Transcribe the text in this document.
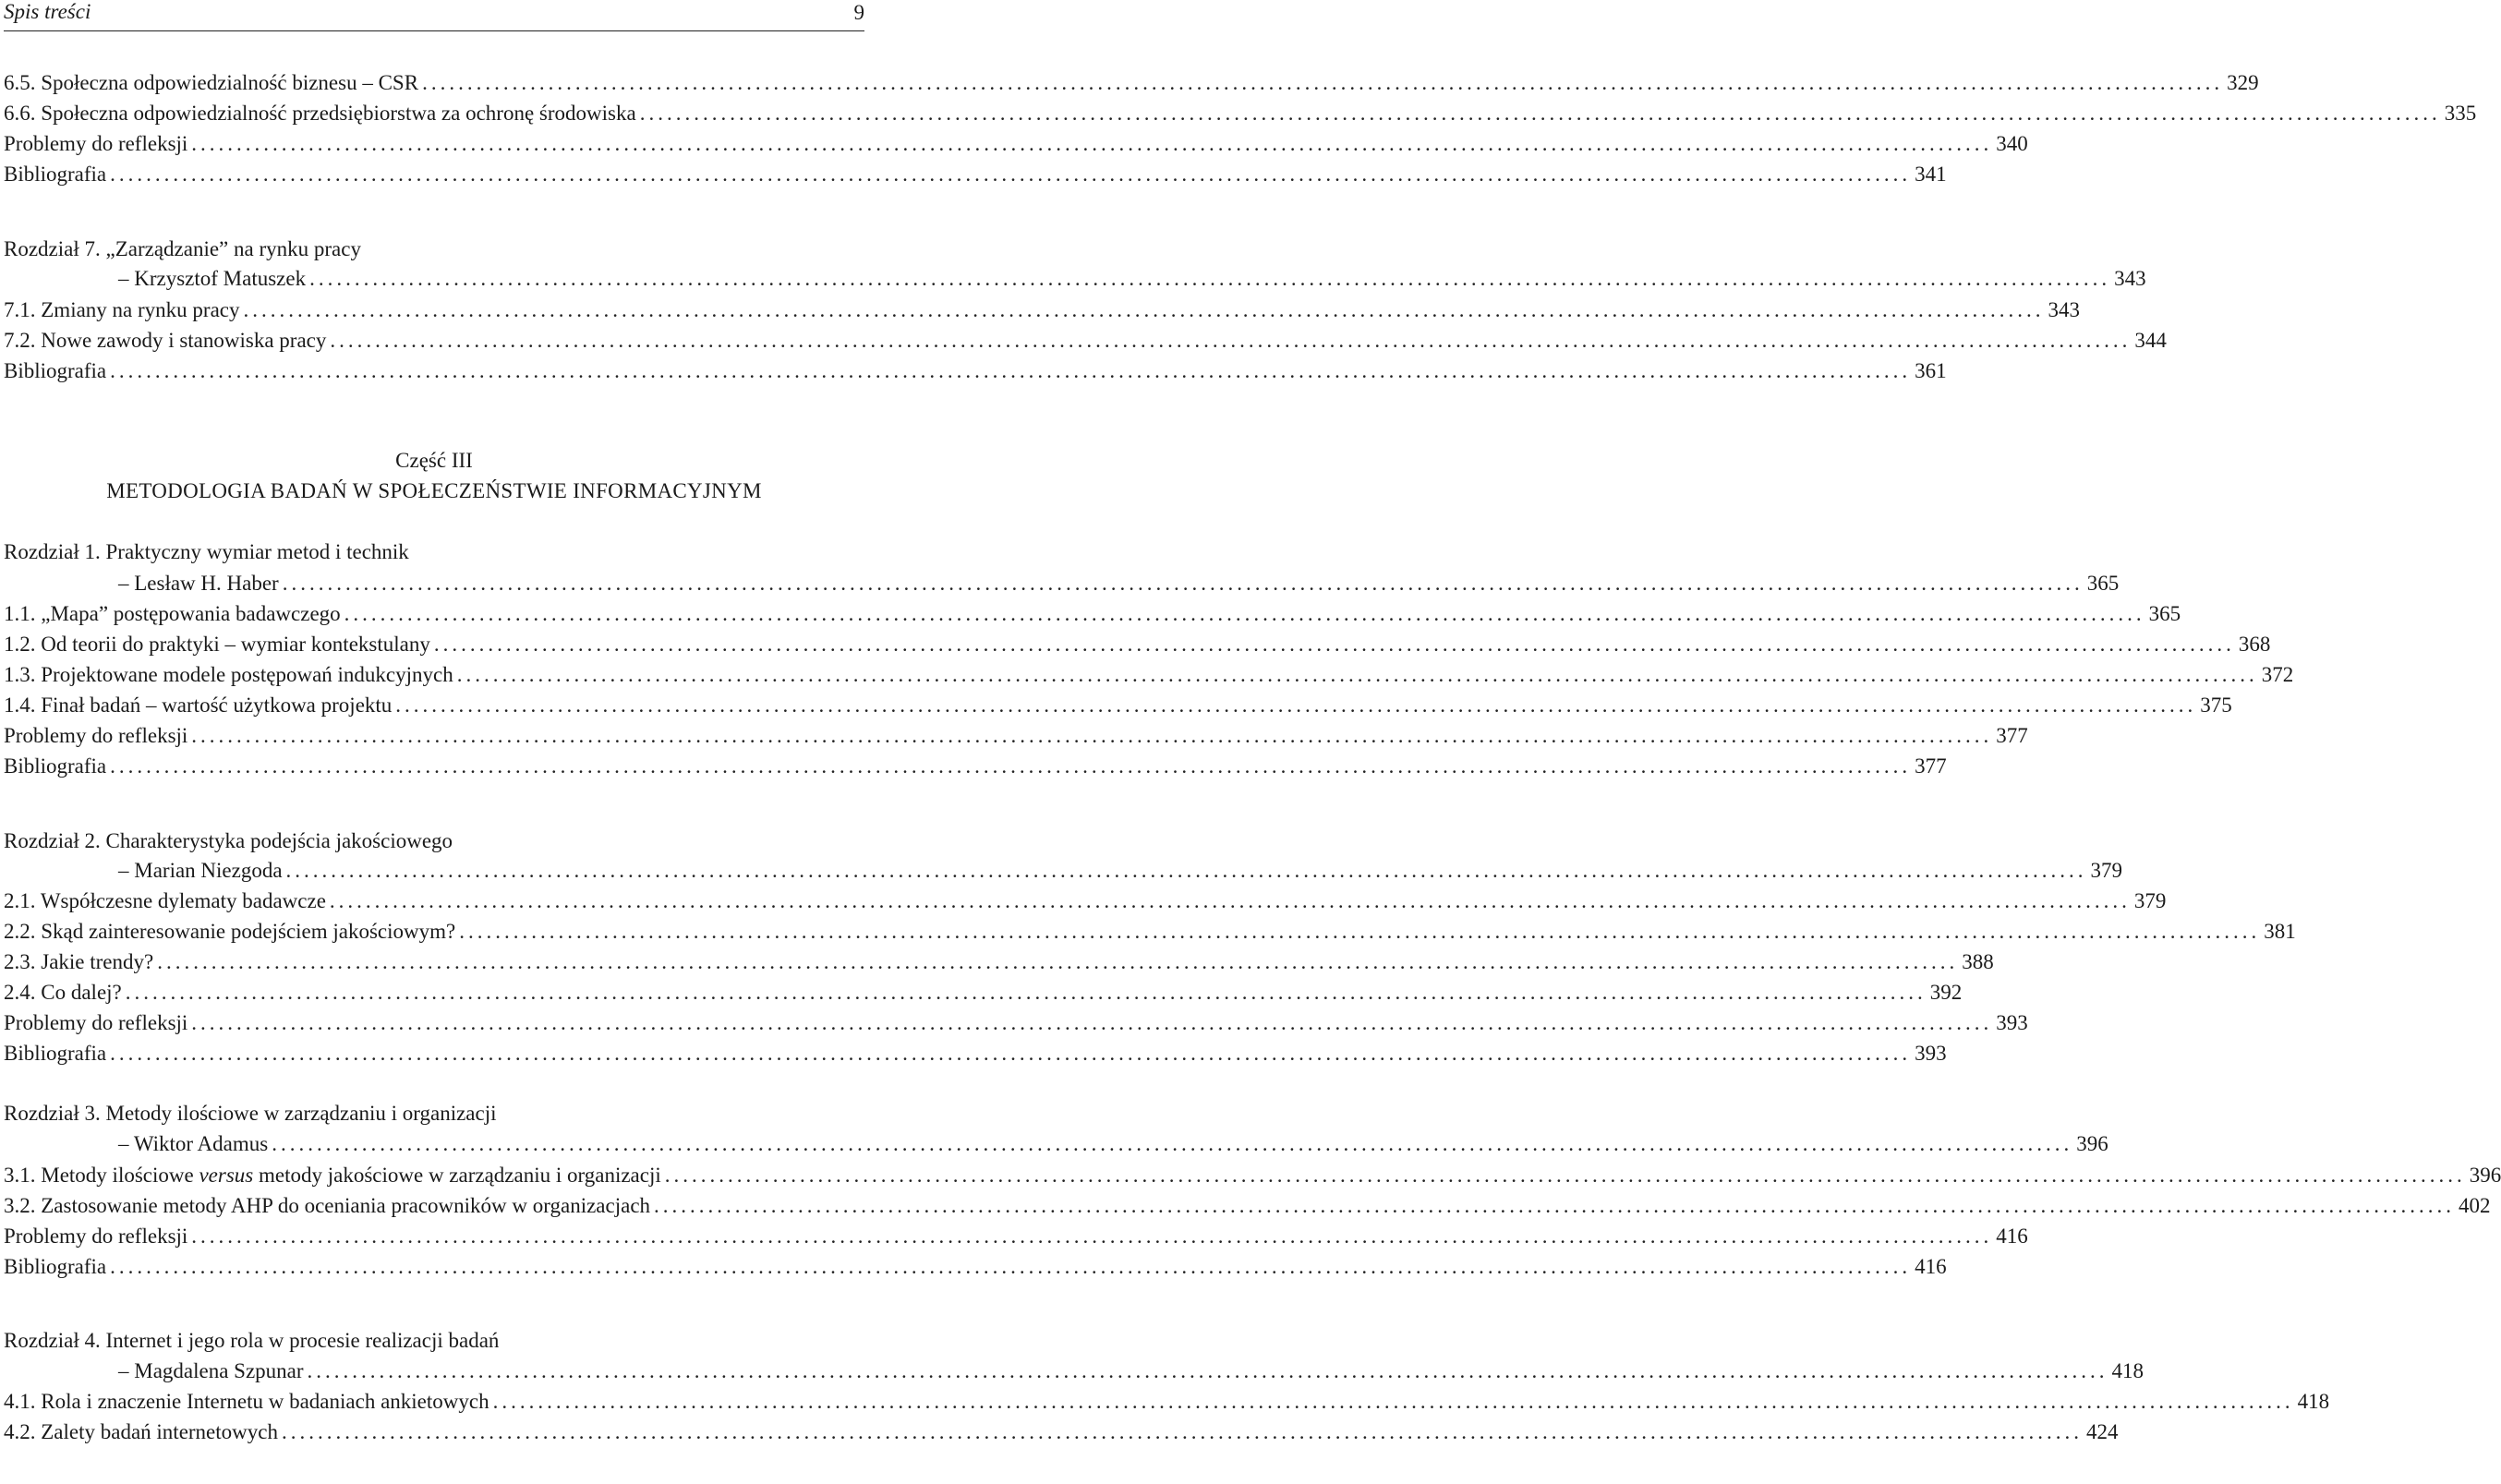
Spis treści	9
6.5. Społeczna odpowiedzialność biznesu – CSR ........................................................................................................................................................................................................ 329
6.6. Społeczna odpowiedzialność przedsiębiorstwa za ochronę środowiska ........................................................................................................................................................................................................ 335
Problemy do refleksji ........................................................................................................................................................................................................ 340
Bibliografia ........................................................................................................................................................................................................ 341
Rozdział 7. „Zarządzanie” na rynku pracy
– Krzysztof Matuszek ........................................................................................................................................................................................................ 343
7.1. Zmiany na rynku pracy ........................................................................................................................................................................................................ 343
7.2. Nowe zawody i stanowiska pracy ........................................................................................................................................................................................................ 344
Bibliografia ........................................................................................................................................................................................................ 361
Część III
METODOLOGIA BADAŃ W SPOŁECZEŃSTWIE INFORMACYJNYM
Rozdział 1. Praktyczny wymiar metod i technik
– Lesław H. Haber ........................................................................................................................................................................................................ 365
1.1. „Mapa” postępowania badawczego ........................................................................................................................................................................................................ 365
1.2. Od teorii do praktyki – wymiar kontekstulany ........................................................................................................................................................................................................ 368
1.3. Projektowane modele postępowań indukcyjnych ........................................................................................................................................................................................................ 372
1.4. Finał badań – wartość użytkowa projektu ........................................................................................................................................................................................................ 375
Problemy do refleksji ........................................................................................................................................................................................................ 377
Bibliografia ........................................................................................................................................................................................................ 377
Rozdział 2. Charakterystyka podejścia jakościowego
– Marian Niezgoda ........................................................................................................................................................................................................ 379
2.1. Współczesne dylematy badawcze ........................................................................................................................................................................................................ 379
2.2. Skąd zainteresowanie podejściem jakościowym? ........................................................................................................................................................................................................ 381
2.3. Jakie trendy? ........................................................................................................................................................................................................ 388
2.4. Co dalej? ........................................................................................................................................................................................................ 392
Problemy do refleksji ........................................................................................................................................................................................................ 393
Bibliografia ........................................................................................................................................................................................................ 393
Rozdział 3. Metody ilościowe w zarządzaniu i organizacji
– Wiktor Adamus ........................................................................................................................................................................................................ 396
3.1. Metody ilościowe versus metody jakościowe w zarządzaniu i organizacji ........................................................................................................................................................................................................ 396
3.2. Zastosowanie metody AHP do oceniania pracowników w organizacjach ........................................................................................................................................................................................................ 402
Problemy do refleksji ........................................................................................................................................................................................................ 416
Bibliografia ........................................................................................................................................................................................................ 416
Rozdział 4. Internet i jego rola w procesie realizacji badań
– Magdalena Szpunar ........................................................................................................................................................................................................ 418
4.1. Rola i znaczenie Internetu w badaniach ankietowych ........................................................................................................................................................................................................ 418
4.2. Zalety badań internetowych ........................................................................................................................................................................................................ 424
